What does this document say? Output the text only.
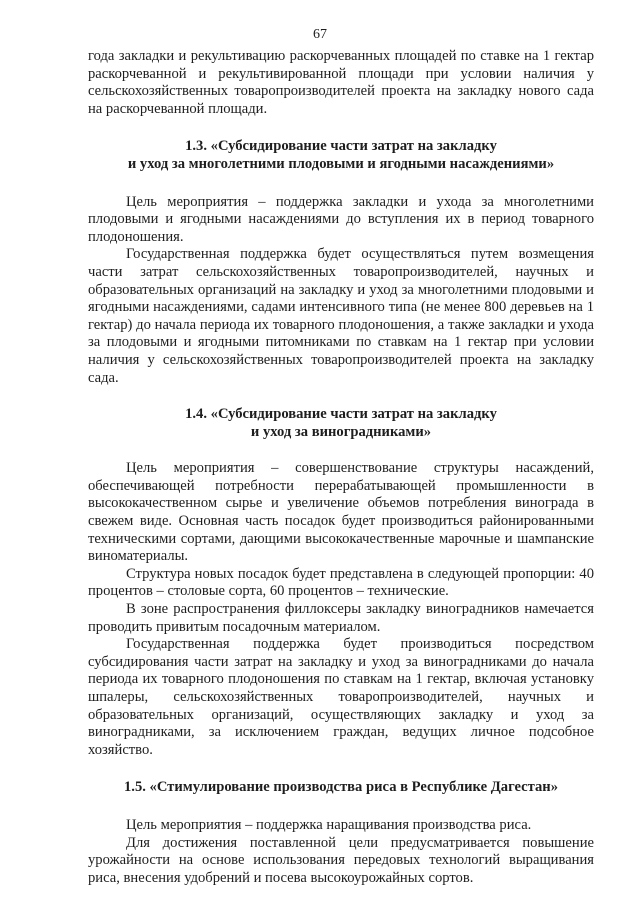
67

года закладки и рекультивацию раскорчеванных площадей по ставке на 1 гектар раскорчеванной и рекультивированной площади при условии наличия у сельскохозяйственных товаропроизводителей проекта на закладку нового сада на раскорчеванной площади.

1.3. «Субсидирование части затрат на закладку
и уход за многолетними плодовыми и ягодными насаждениями»

Цель мероприятия – поддержка закладки и ухода за многолетними плодовыми и ягодными насаждениями до вступления их в период товарного плодоношения.

Государственная поддержка будет осуществляться путем возмещения части затрат сельскохозяйственных товаропроизводителей, научных и образовательных организаций на закладку и уход за многолетними плодовыми и ягодными насаждениями, садами интенсивного типа (не менее 800 деревьев на 1 гектар) до начала периода их товарного плодоношения, а также закладки и ухода за плодовыми и ягодными питомниками по ставкам на 1 гектар при условии наличия у сельскохозяйственных товаропроизводителей проекта на закладку сада.

1.4. «Субсидирование части затрат на закладку
и уход за виноградниками»

Цель мероприятия – совершенствование структуры насаждений, обеспечивающей потребности перерабатывающей промышленности в высококачественном сырье и увеличение объемов потребления винограда в свежем виде. Основная часть посадок будет производиться районированными техническими сортами, дающими высококачественные марочные и шампанские виноматериалы.

Структура новых посадок будет представлена в следующей пропорции: 40 процентов – столовые сорта, 60 процентов – технические.

В зоне распространения филлоксеры закладку виноградников намечается проводить привитым посадочным материалом.

Государственная поддержка будет производиться посредством субсидирования части затрат на закладку и уход за виноградниками до начала периода их товарного плодоношения по ставкам на 1 гектар, включая установку шпалеры, сельскохозяйственных товаропроизводителей, научных и образовательных организаций, осуществляющих закладку и уход за виноградниками, за исключением граждан, ведущих личное подсобное хозяйство.

1.5. «Стимулирование производства риса в Республике Дагестан»

Цель мероприятия – поддержка наращивания производства риса.

Для достижения поставленной цели предусматривается повышение урожайности на основе использования передовых технологий выращивания риса, внесения удобрений и посева высокоурожайных сортов.
